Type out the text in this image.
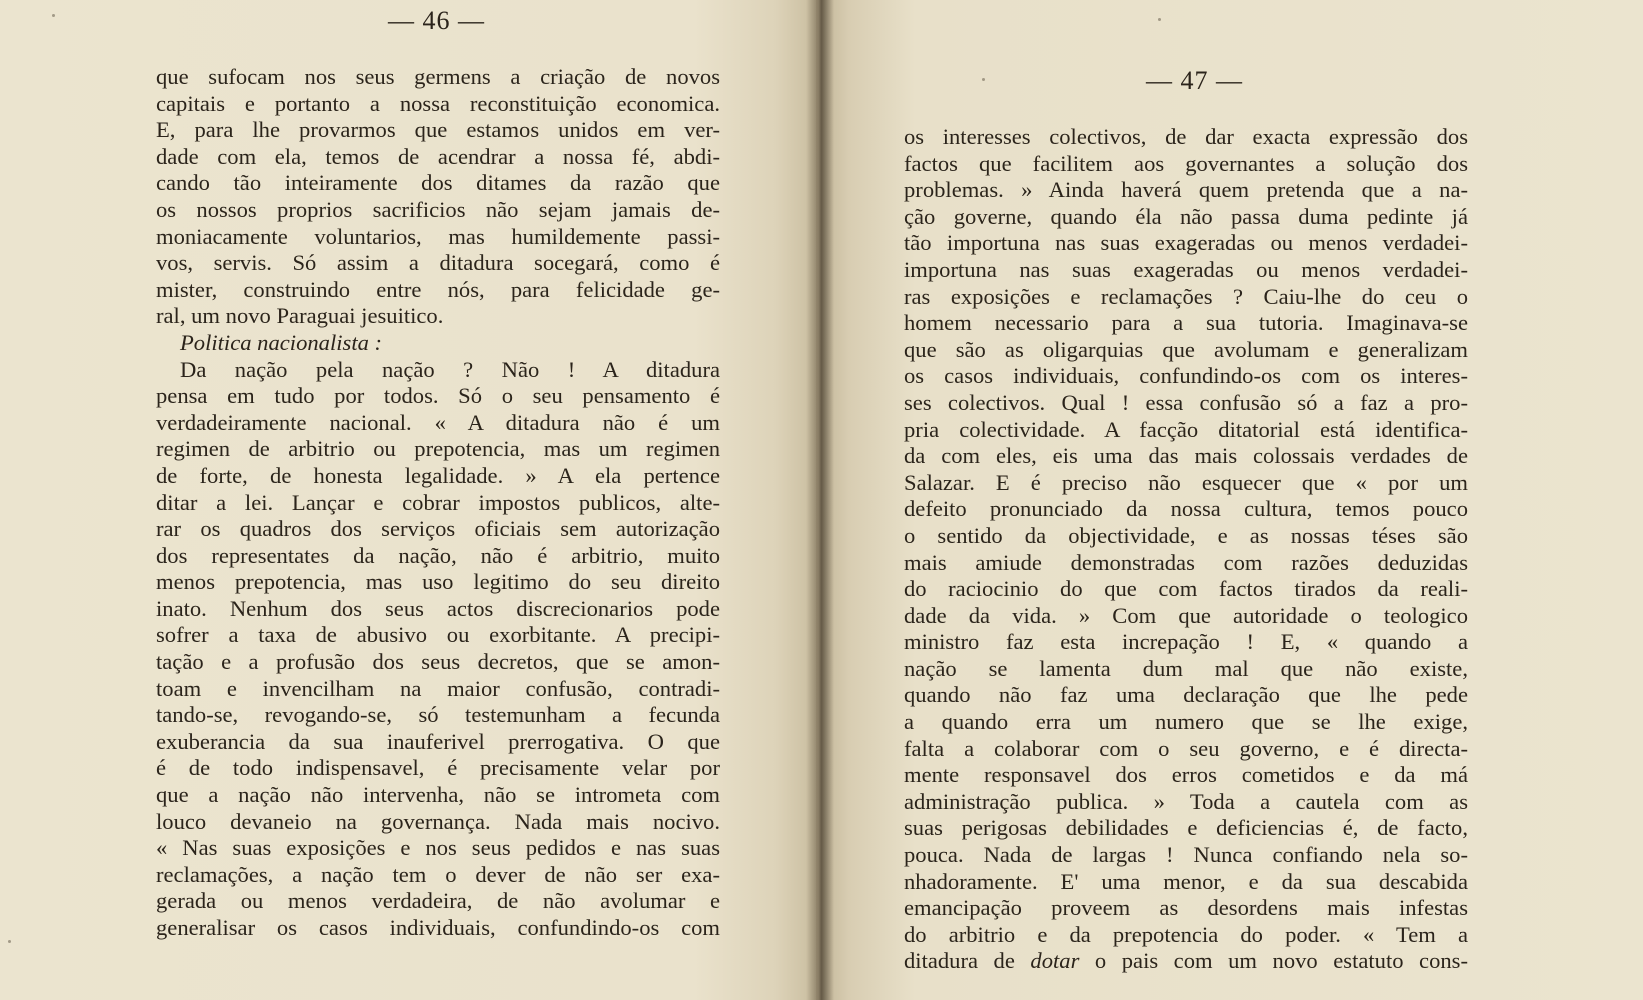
— 46 —
que sufocam nos seus germens a criação de novos
capitais e portanto a nossa reconstituição economica.
E, para lhe provarmos que estamos unidos em ver-
dade com ela, temos de acendrar a nossa fé, abdi-
cando tão inteiramente dos ditames da razão que
os nossos proprios sacrificios não sejam jamais de-
moniacamente voluntarios, mas humildemente passi-
vos, servis. Só assim a ditadura socegará, como é
mister, construindo entre nós, para felicidade ge-
ral, um novo Paraguai jesuitico.
Politica nacionalista :
Da nação pela nação ? Não ! A ditadura
pensa em tudo por todos. Só o seu pensamento é
verdadeiramente nacional. « A ditadura não é um
regimen de arbitrio ou prepotencia, mas um regimen
de forte, de honesta legalidade. » A ela pertence
ditar a lei. Lançar e cobrar impostos publicos, alte-
rar os quadros dos serviços oficiais sem autorização
dos representates da nação, não é arbitrio, muito
menos prepotencia, mas uso legitimo do seu direito
inato. Nenhum dos seus actos discrecionarios pode
sofrer a taxa de abusivo ou exorbitante. A precipi-
tação e a profusão dos seus decretos, que se amon-
toam e invencilham na maior confusão, contradi-
tando-se, revogando-se, só testemunham a fecunda
exuberancia da sua inauferivel prerrogativa. O que
é de todo indispensavel, é precisamente velar por
que a nação não intervenha, não se intrometa com
louco devaneio na governança. Nada mais nocivo.
« Nas suas exposições e nos seus pedidos e nas suas
reclamações, a nação tem o dever de não ser exa-
gerada ou menos verdadeira, de não avolumar e
generalisar os casos individuais, confundindo-os com
— 47 —
os interesses colectivos, de dar exacta expressão dos
factos que facilitem aos governantes a solução dos
problemas. » Ainda haverá quem pretenda que a na-
ção governe, quando éla não passa duma pedinte já
tão importuna nas suas exageradas ou menos verdadei-
importuna nas suas exageradas ou menos verdadei-
ras exposições e reclamações ? Caiu-lhe do ceu o
homem necessario para a sua tutoria. Imaginava-se
que são as oligarquias que avolumam e generalizam
os casos individuais, confundindo-os com os interes-
ses colectivos. Qual ! essa confusão só a faz a pro-
pria colectividade. A facção ditatorial está identifica-
da com eles, eis uma das mais colossais verdades de
Salazar. E é preciso não esquecer que « por um
defeito pronunciado da nossa cultura, temos pouco
o sentido da objectividade, e as nossas téses são
mais amiude demonstradas com razões deduzidas
do raciocinio do que com factos tirados da reali-
dade da vida. » Com que autoridade o teologico
ministro faz esta increpação ! E, « quando a
nação se lamenta dum mal que não existe,
quando não faz uma declaração que lhe pede
a quando erra um numero que se lhe exige,
falta a colaborar com o seu governo, e é directa-
mente responsavel dos erros cometidos e da má
administração publica. » Toda a cautela com as
suas perigosas debilidades e deficiencias é, de facto,
pouca. Nada de largas ! Nunca confiando nela so-
nhadoramente. E' uma menor, e da sua descabida
emancipação proveem as desordens mais infestas
do arbitrio e da prepotencia do poder. « Tem a
ditadura de dotar o pais com um novo estatuto cons-
